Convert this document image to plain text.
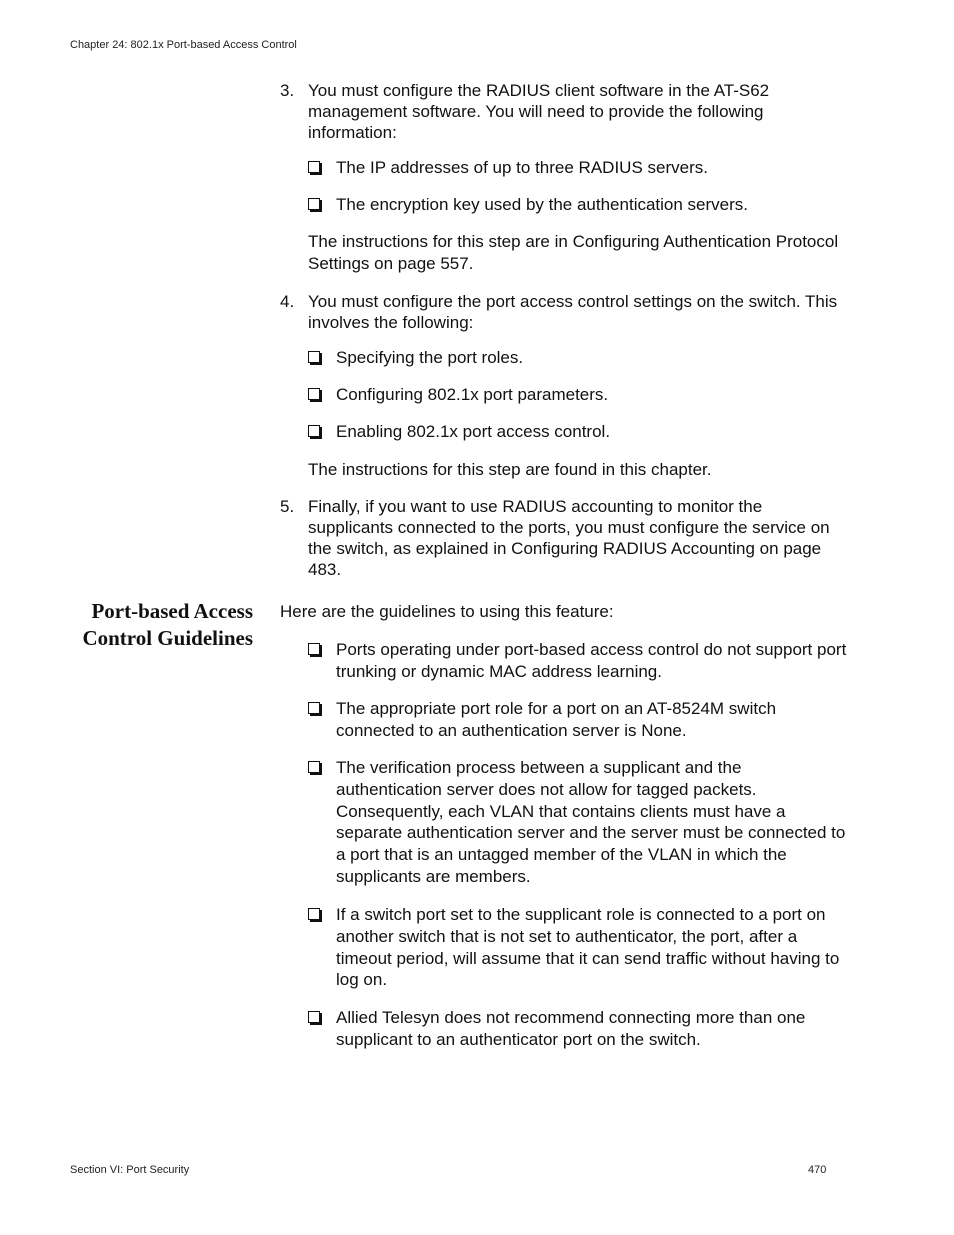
Chapter 24: 802.1x Port-based Access Control
3. You must configure the RADIUS client software in the AT-S62 management software. You will need to provide the following information:
The IP addresses of up to three RADIUS servers.
The encryption key used by the authentication servers.
The instructions for this step are in Configuring Authentication Protocol Settings on page 557.
4. You must configure the port access control settings on the switch. This involves the following:
Specifying the port roles.
Configuring 802.1x port parameters.
Enabling 802.1x port access control.
The instructions for this step are found in this chapter.
5. Finally, if you want to use RADIUS accounting to monitor the supplicants connected to the ports, you must configure the service on the switch, as explained in Configuring RADIUS Accounting on page 483.
Port-based Access Control Guidelines
Here are the guidelines to using this feature:
Ports operating under port-based access control do not support port trunking or dynamic MAC address learning.
The appropriate port role for a port on an AT-8524M switch connected to an authentication server is None.
The verification process between a supplicant and the authentication server does not allow for tagged packets. Consequently, each VLAN that contains clients must have a separate authentication server and the server must be connected to a port that is an untagged member of the VLAN in which the supplicants are members.
If a switch port set to the supplicant role is connected to a port on another switch that is not set to authenticator, the port, after a timeout period, will assume that it can send traffic without having to log on.
Allied Telesyn does not recommend connecting more than one supplicant to an authenticator port on the switch.
Section VI: Port Security	470
